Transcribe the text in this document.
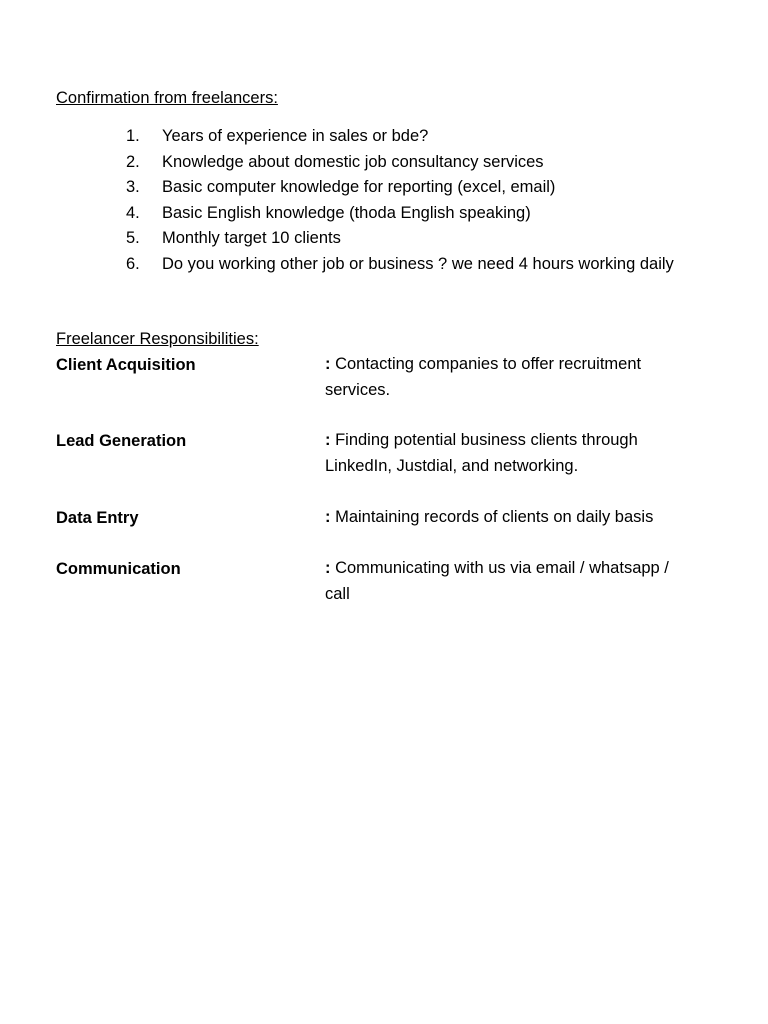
Confirmation from freelancers:
1.	Years of experience in sales or bde?
2.	Knowledge about domestic job consultancy services
3.	Basic computer knowledge for reporting (excel, email)
4.	Basic English knowledge (thoda English speaking)
5.	Monthly target 10 clients
6.	Do you working other job or business ? we need 4 hours working daily
Freelancer Responsibilities:
Client Acquisition	: Contacting companies to offer recruitment services.
Lead Generation	: Finding potential business clients through LinkedIn, Justdial, and networking.
Data Entry	: Maintaining records of clients on daily basis
Communication	: Communicating with us via email / whatsapp / call
